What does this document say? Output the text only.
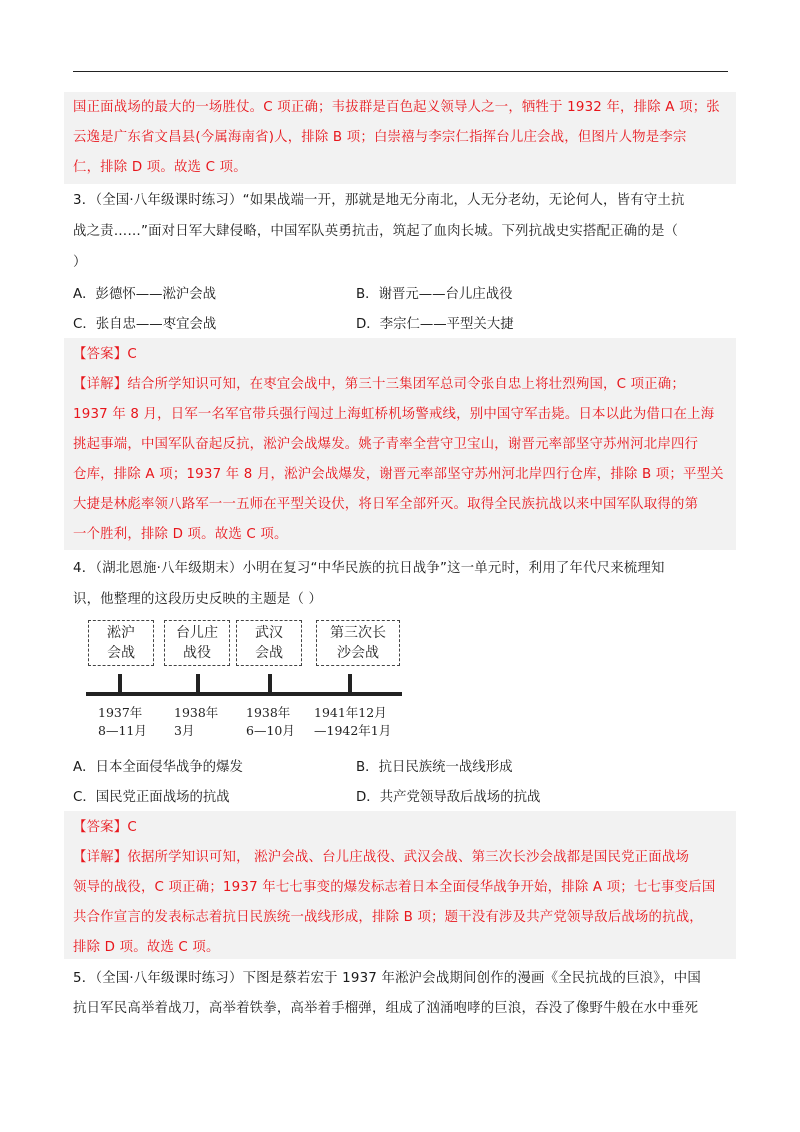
国正面战场的最大的一场胜仗。C 项正确；韦拔群是百色起义领导人之一，牺牲于 1932 年，排除 A 项；张
云逸是广东省文昌县(今属海南省)人，排除 B 项；白崇禧与李宗仁指挥台儿庄会战，但图片人物是李宗
仁，排除 D 项。故选 C 项。
3．（全国·八年级课时练习）“如果战端一开，那就是地无分南北，人无分老幼，无论何人，皆有守土抗
战之责……”面对日军大肆侵略，中国军队英勇抗击，筑起了血肉长城。下列抗战史实搭配正确的是（
）
A．彭德怀——淞沪会战	B．谢晋元——台儿庄战役
C．张自忠——枣宜会战	D．李宗仁——平型关大捷
【答案】C
【详解】结合所学知识可知，在枣宜会战中，第三十三集团军总司令张自忠上将壮烈殉国，C 项正确；
1937 年 8 月，日军一名军官带兵强行闯过上海虹桥机场警戒线，别中国守军击毙。日本以此为借口在上海
挑起事端，中国军队奋起反抗，淞沪会战爆发。姚子青率全营守卫宝山，谢晋元率部坚守苏州河北岸四行
仓库，排除 A 项；1937 年 8 月，淞沪会战爆发，谢晋元率部坚守苏州河北岸四行仓库，排除 B 项；平型关
大捷是林彪率领八路军一一五师在平型关设伏，将日军全部歼灭。取得全民族抗战以来中国军队取得的第
一个胜利，排除 D 项。故选 C 项。
4．（湖北恩施·八年级期末）小明在复习“中华民族的抗日战争”这一单元时，利用了年代尺来梳理知
识，他整理的这段历史反映的主题是（ ）
淞沪
会战
台儿庄
战役
武汉
会战
第三次长
沙会战
1937年
8—11月
1938年
3月
1938年
6—10月
1941年12月
—1942年1月
A．日本全面侵华战争的爆发	B．抗日民族统一战线形成
C．国民党正面战场的抗战	D．共产党领导敌后战场的抗战
【答案】C
【详解】依据所学知识可知， 淞沪会战、台儿庄战役、武汉会战、第三次长沙会战都是国民党正面战场
领导的战役，C 项正确；1937 年七七事变的爆发标志着日本全面侵华战争开始，排除 A 项；七七事变后国
共合作宣言的发表标志着抗日民族统一战线形成，排除 B 项；题干没有涉及共产党领导敌后战场的抗战，
排除 D 项。故选 C 项。
5．（全国·八年级课时练习）下图是蔡若宏于 1937 年淞沪会战期间创作的漫画《全民抗战的巨浪》，中国
抗日军民高举着战刀，高举着铁拳，高举着手榴弹，组成了汹涌咆哮的巨浪，吞没了像野牛般在水中垂死
